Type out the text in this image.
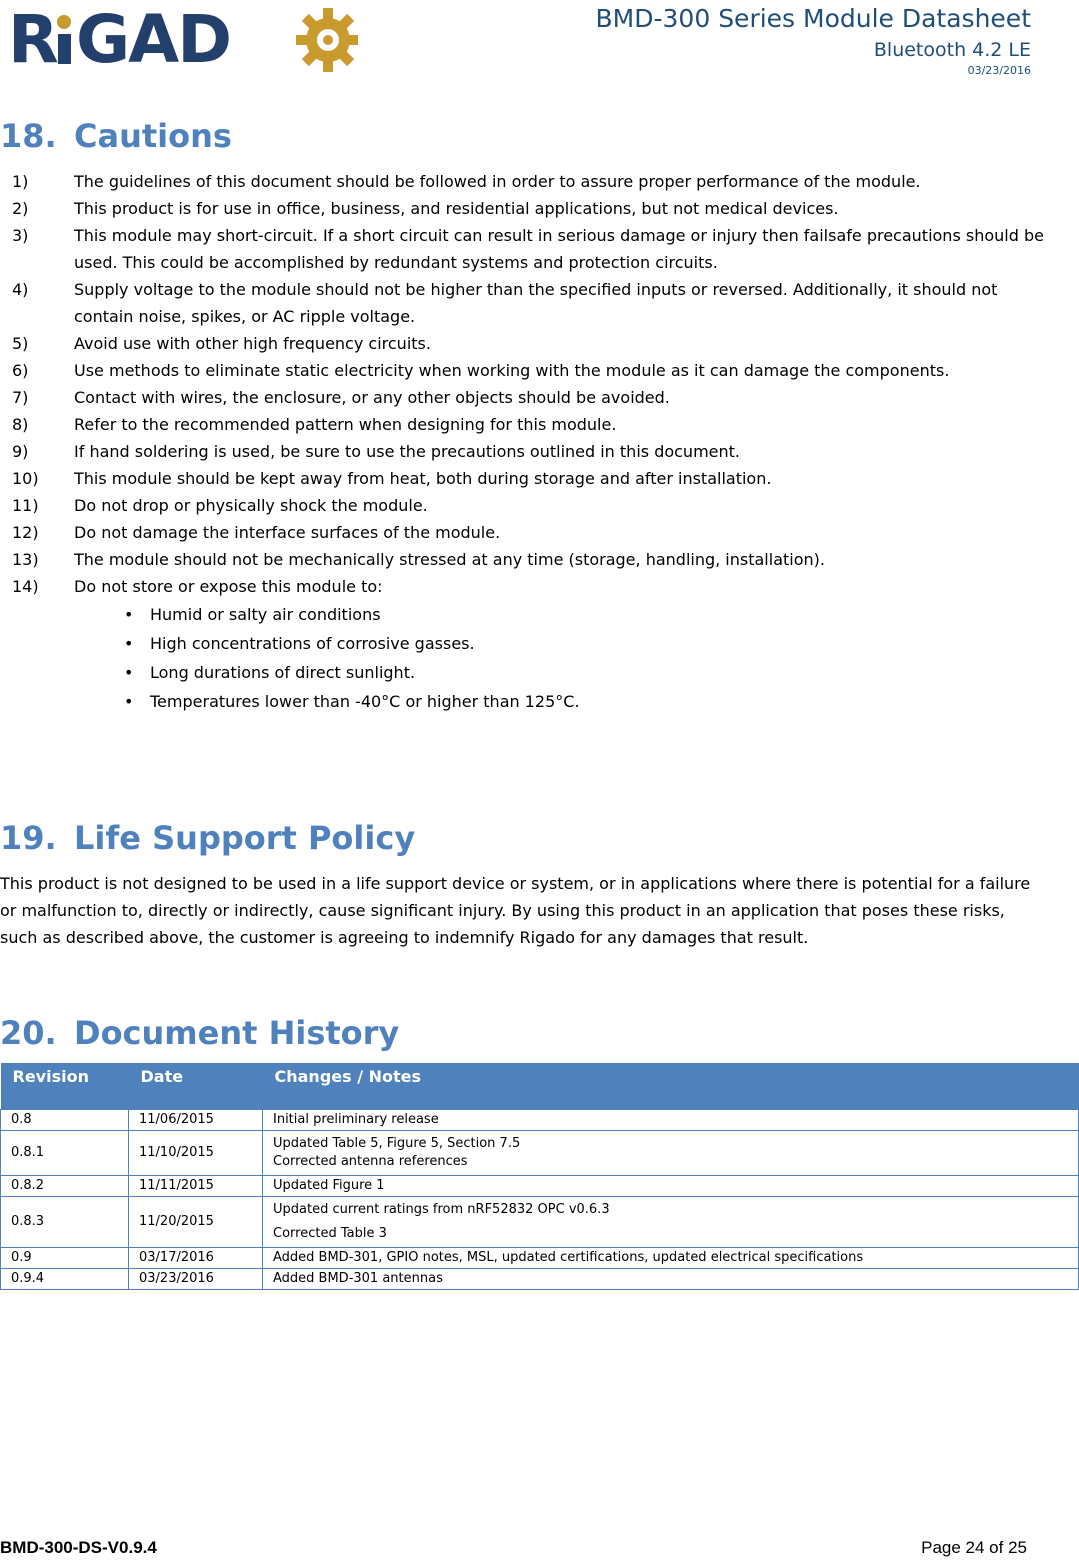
R GAD	BMD-300 Series Module Datasheet
Bluetooth 4.2 LE
03/23/2016
18. Cautions
1)	The guidelines of this document should be followed in order to assure proper performance of the module.
2)	This product is for use in office, business, and residential applications, but not medical devices.
3)	This module may short-circuit. If a short circuit can result in serious damage or injury then failsafe precautions should be used. This could be accomplished by redundant systems and protection circuits.
4)	Supply voltage to the module should not be higher than the specified inputs or reversed. Additionally, it should not contain noise, spikes, or AC ripple voltage.
5)	Avoid use with other high frequency circuits.
6)	Use methods to eliminate static electricity when working with the module as it can damage the components.
7)	Contact with wires, the enclosure, or any other objects should be avoided.
8)	Refer to the recommended pattern when designing for this module.
9)	If hand soldering is used, be sure to use the precautions outlined in this document.
10) This module should be kept away from heat, both during storage and after installation.
11) Do not drop or physically shock the module.
12) Do not damage the interface surfaces of the module.
13) The module should not be mechanically stressed at any time (storage, handling, installation).
14) Do not store or expose this module to:
• Humid or salty air conditions
• High concentrations of corrosive gasses.
• Long durations of direct sunlight.
• Temperatures lower than -40°C or higher than 125°C.
19. Life Support Policy
This product is not designed to be used in a life support device or system, or in applications where there is potential for a failure or malfunction to, directly or indirectly, cause significant injury. By using this product in an application that poses these risks, such as described above, the customer is agreeing to indemnify Rigado for any damages that result.
20. Document History
Revision	Date	Changes / Notes
0.8	11/06/2015	Initial preliminary release

0.8.1	11/10/2015	Updated Table 5, Figure 5, Section 7.5
Corrected antenna references

0.8.2	11/11/2015	Updated Figure 1

0.8.3	11/20/2015	Updated current ratings from nRF52832 OPC v0.6.3
Corrected Table 3

0.9	03/17/2016	Added BMD-301, GPIO notes, MSL, updated certifications, updated electrical specifications

0.9.4	03/23/2016	Added BMD-301 antennas
BMD-300-DS-V0.9.4	Page 24 of 25
